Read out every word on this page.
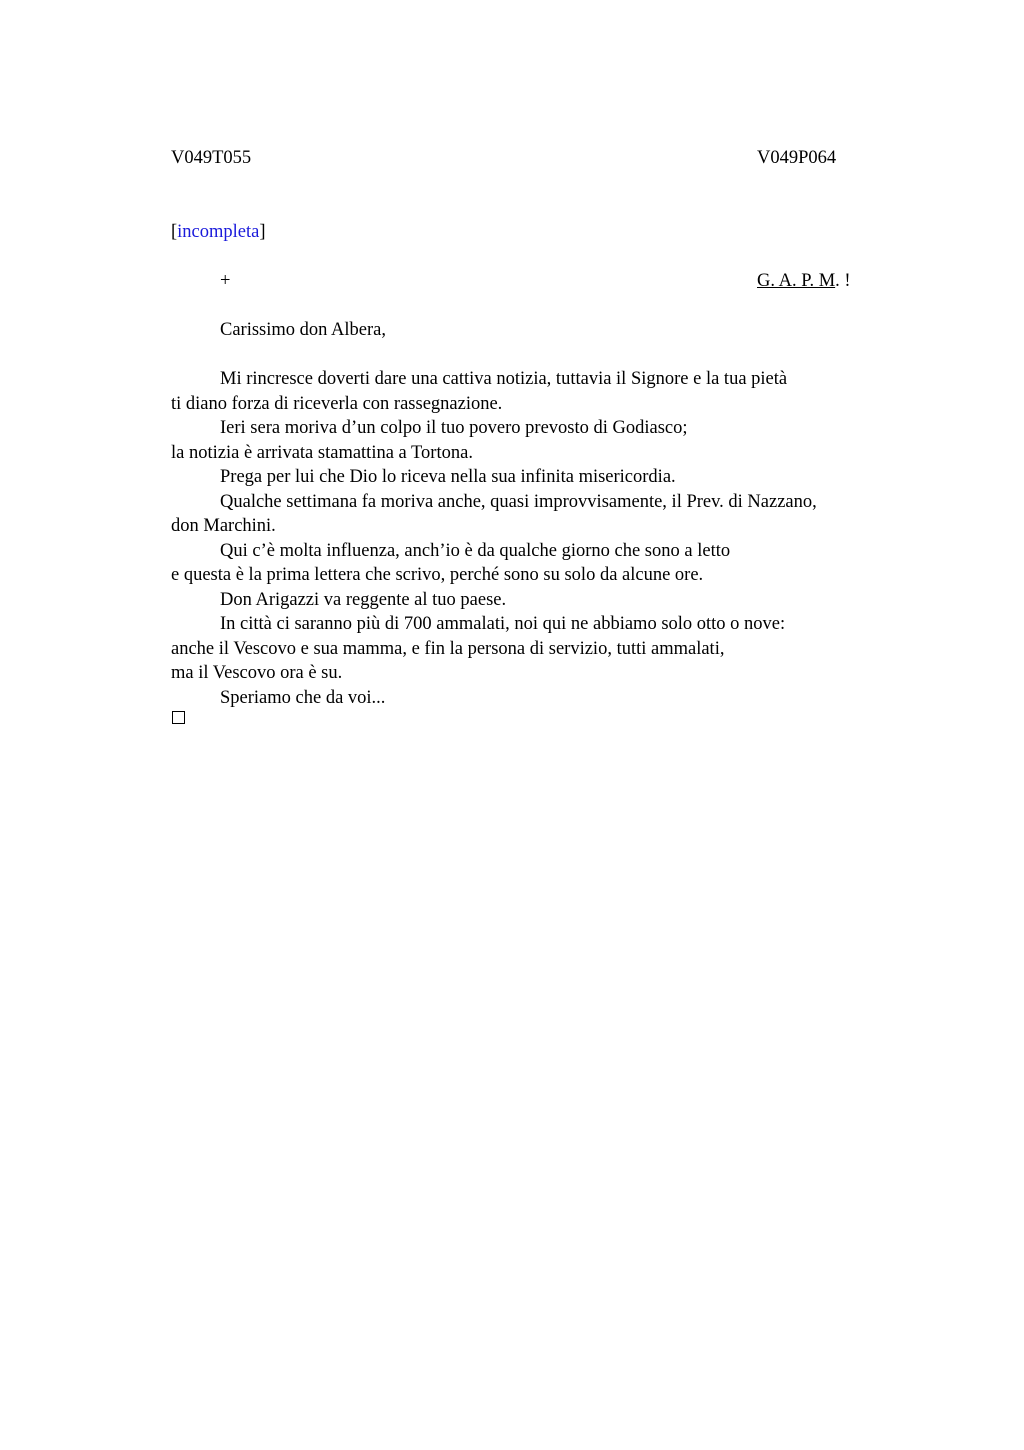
V049T055	V049P064
[incompleta]
+	G. A. P. M. !
Carissimo don Albera,
Mi rincresce doverti dare una cattiva notizia, tuttavia il Signore e la tua pietà
ti diano forza di riceverla con rassegnazione.
Ieri sera moriva d’un colpo il tuo povero prevosto di Godiasco;
la notizia è arrivata stamattina a Tortona.
Prega per lui che Dio lo riceva nella sua infinita misericordia.
Qualche settimana fa moriva anche, quasi improvvisamente, il Prev. di Nazzano,
don Marchini.
Qui c’è molta influenza, anch’io è da qualche giorno che sono a letto
e questa è la prima lettera che scrivo, perché sono su solo da alcune ore.
Don Arigazzi va reggente al tuo paese.
In città ci saranno più di 700 ammalati, noi qui ne abbiamo solo otto o nove:
anche il Vescovo e sua mamma, e fin la persona di servizio, tutti ammalati,
ma il Vescovo ora è su.
Speriamo che da voi...
